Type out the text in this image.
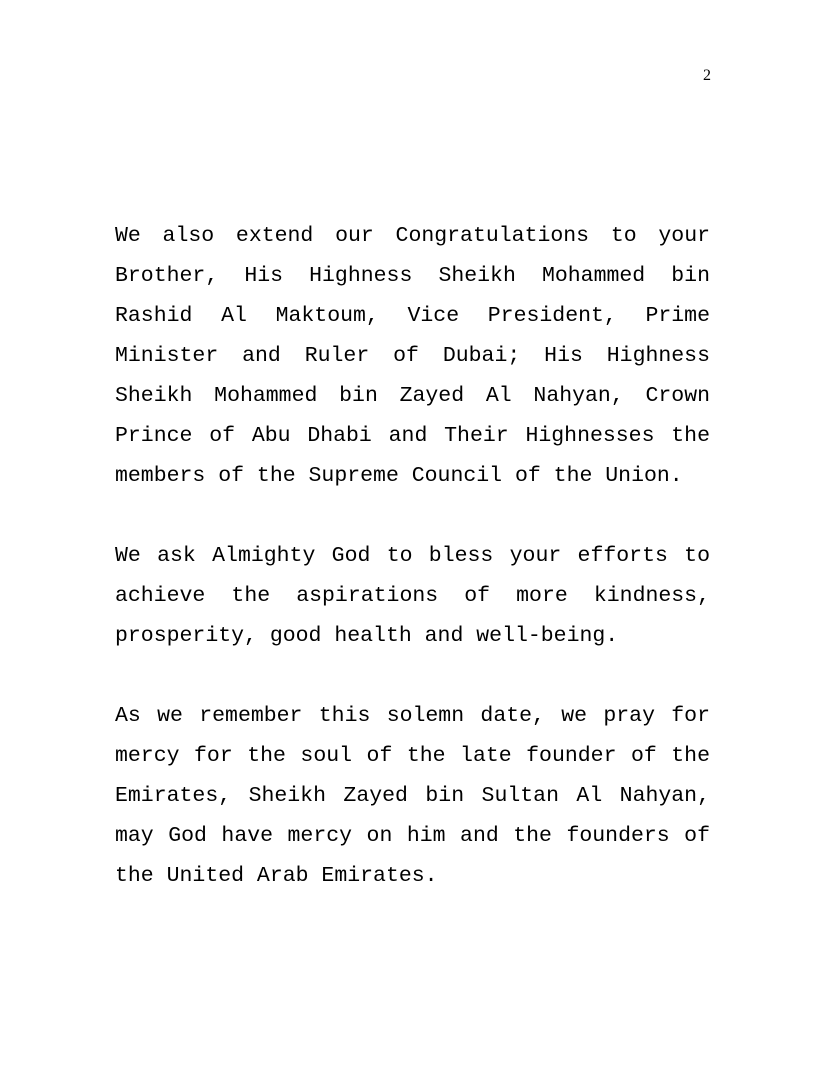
2

We also extend our Congratulations to your Brother, His Highness Sheikh Mohammed bin Rashid Al Maktoum, Vice President, Prime Minister and Ruler of Dubai; His Highness Sheikh Mohammed bin Zayed Al Nahyan, Crown Prince of Abu Dhabi and Their Highnesses the members of the Supreme Council of the Union.

We ask Almighty God to bless your efforts to achieve the aspirations of more kindness, prosperity, good health and well-being.

As we remember this solemn date, we pray for mercy for the soul of the late founder of the Emirates, Sheikh Zayed bin Sultan Al Nahyan, may God have mercy on him and the founders of the United Arab Emirates.
